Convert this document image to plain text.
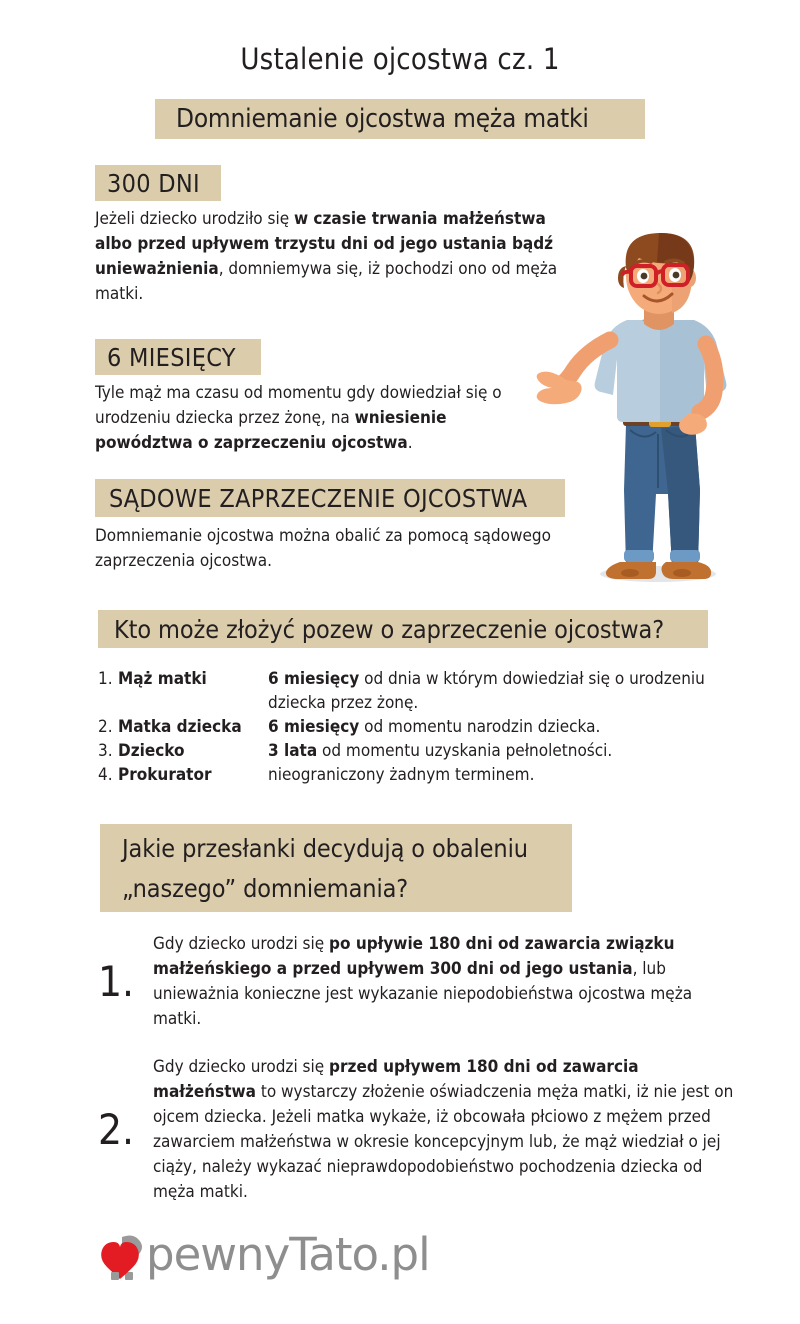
Ustalenie ojcostwa cz. 1
Domniemanie ojcostwa męża matki
300 DNI
Jeżeli dziecko urodziło się w czasie trwania małżeństwa albo przed upływem trzystu dni od jego ustania bądź unieważnienia, domniemywa się, iż pochodzi ono od męża matki.
6 MIESIĘCY
Tyle mąż ma czasu od momentu gdy dowiedział się o urodzeniu dziecka przez żonę, na wniesienie powództwa o zaprzeczeniu ojcostwa.
SĄDOWE ZAPRZECZENIE OJCOSTWA
Domniemanie ojcostwa można obalić za pomocą sądowego zaprzeczenia ojcostwa.
Kto może złożyć pozew o zaprzeczenie ojcostwa?
1. Mąż matki	6 miesięcy od dnia w którym dowiedział się o urodzeniu dziecka przez żonę.
2. Matka dziecka	6 miesięcy od momentu narodzin dziecka.
3. Dziecko	3 lata od momentu uzyskania pełnoletności.
4. Prokurator	nieograniczony żadnym terminem.
Jakie przesłanki decydują o obaleniu
„naszego” domniemania?
1.
Gdy dziecko urodzi się po upływie 180 dni od zawarcia związku małżeńskiego a przed upływem 300 dni od jego ustania, lub unieważnia konieczne jest wykazanie niepodobieństwa ojcostwa męża matki.
2.
Gdy dziecko urodzi się przed upływem 180 dni od zawarcia małżeństwa to wystarczy złożenie oświadczenia męża matki, iż nie jest on ojcem dziecka. Jeżeli matka wykaże, iż obcowała płciowo z mężem przed zawarciem małżeństwa w okresie koncepcyjnym lub, że mąż wiedział o jej ciąży, należy wykazać nieprawdopodobieństwo pochodzenia dziecka od męża matki.
pewnyTato.pl
